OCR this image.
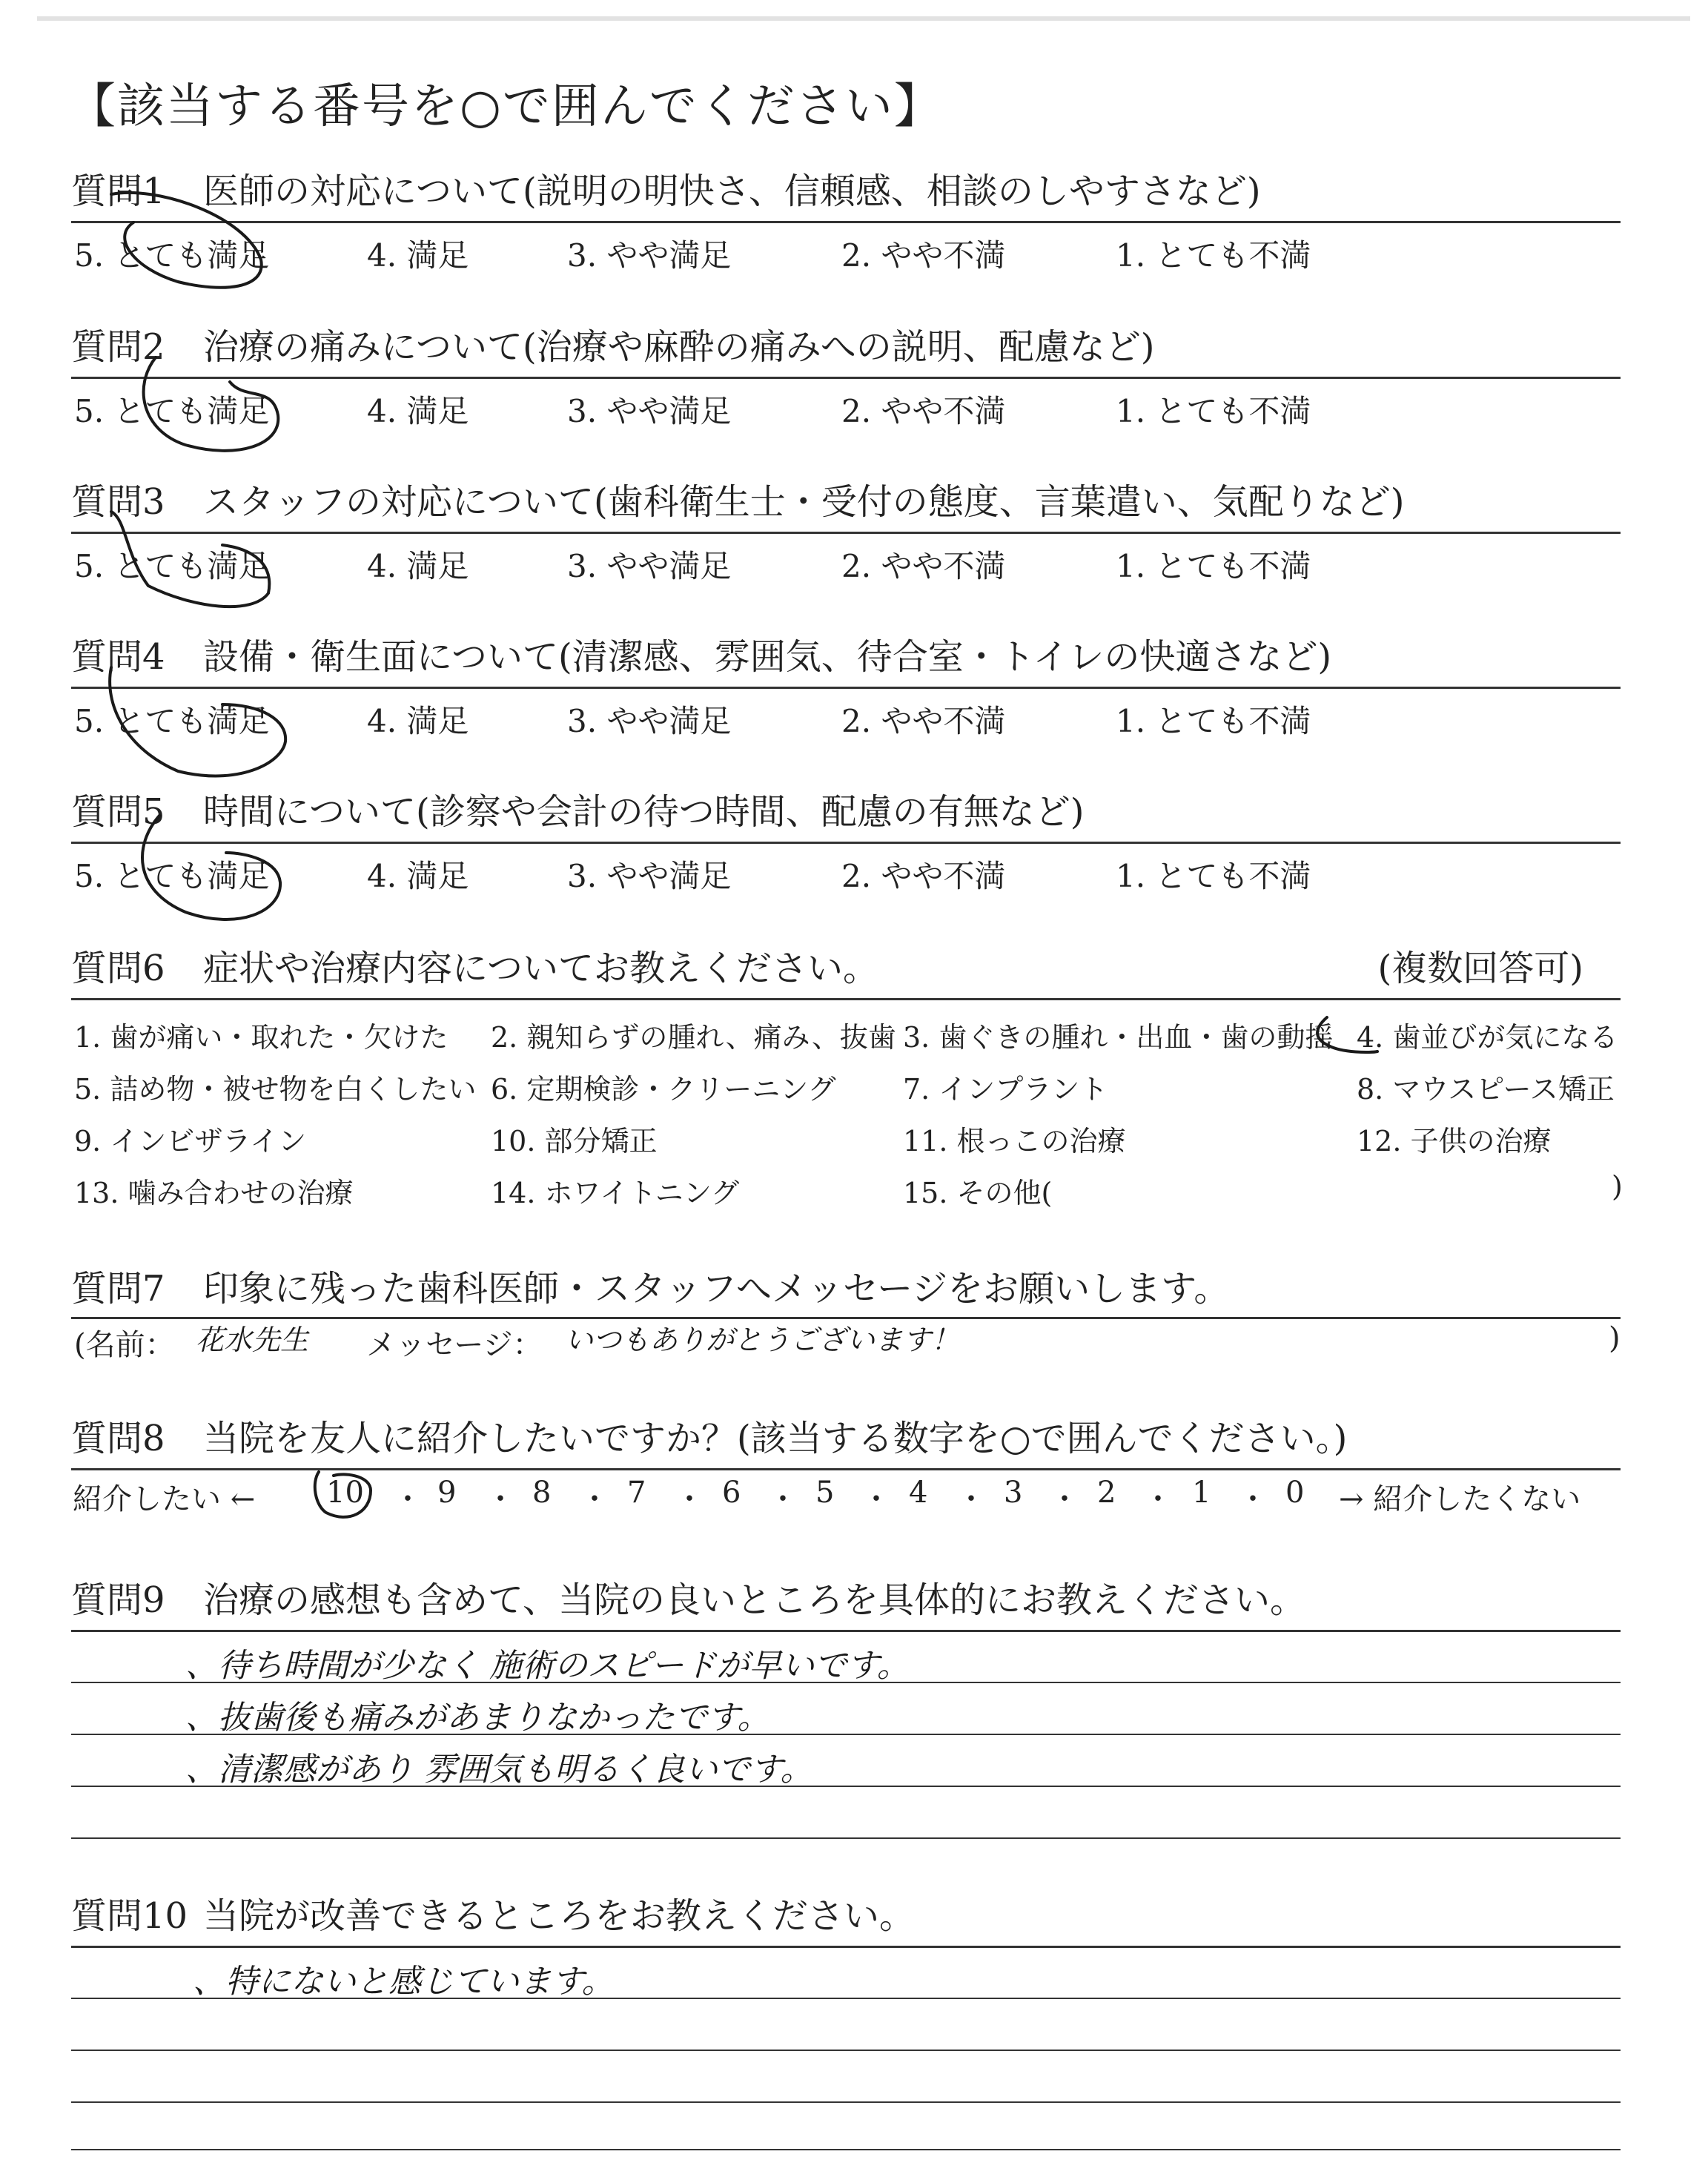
【該当する番号を○で囲んでください】
質問1 医師の対応について(説明の明快さ、信頼感、相談のしやすさなど)
5. とても満足	4. 満足	3. やや満足	2. やや不満	1. とても不満
質問2 治療の痛みについて(治療や麻酔の痛みへの説明、配慮など)
5. とても満足	4. 満足	3. やや満足	2. やや不満	1. とても不満
質問3 スタッフの対応について(歯科衛生士・受付の態度、言葉遣い、気配りなど)
5. とても満足	4. 満足	3. やや満足	2. やや不満	1. とても不満
質問4 設備・衛生面について(清潔感、雰囲気、待合室・トイレの快適さなど)
5. とても満足	4. 満足	3. やや満足	2. やや不満	1. とても不満
質問5 時間について(診察や会計の待つ時間、配慮の有無など)
5. とても満足	4. 満足	3. やや満足	2. やや不満	1. とても不満
質問6 症状や治療内容についてお教えください。	(複数回答可)
1. 歯が痛い・取れた・欠けた 2. 親知らずの腫れ、痛み、抜歯 3. 歯ぐきの腫れ・出血・歯の動揺 4. 歯並びが気になる
5. 詰め物・被せ物を白くしたい 6. 定期検診・クリーニング 7. インプラント	8. マウスピース矯正
9. インビザライン	10. 部分矯正	11. 根っこの治療	12. 子供の治療
13. 噛み合わせの治療	14. ホワイトニング	15. その他(	)
質問7 印象に残った歯科医師・スタッフへメッセージをお願いします。
(名前： 花水先生 メッセージ： いつもありがとうございます！	)
質問8 当院を友人に紹介したいですか？(該当する数字を○で囲んでください。)
紹介したい ←	→ 紹介したくない
10 ・ 9 ・ 8 ・ 7 ・ 6 ・ 5 ・ 4 ・ 3 ・ 2 ・ 1 ・ 0
質問9 治療の感想も含めて、当院の良いところを具体的にお教えください。
、待ち時間が少なく 施術のスピードが早いです。
、抜歯後も痛みがあまりなかったです。
、清潔感があり 雰囲気も明るく良いです。
質問10 当院が改善できるところをお教えください。
、特にないと感じています。
